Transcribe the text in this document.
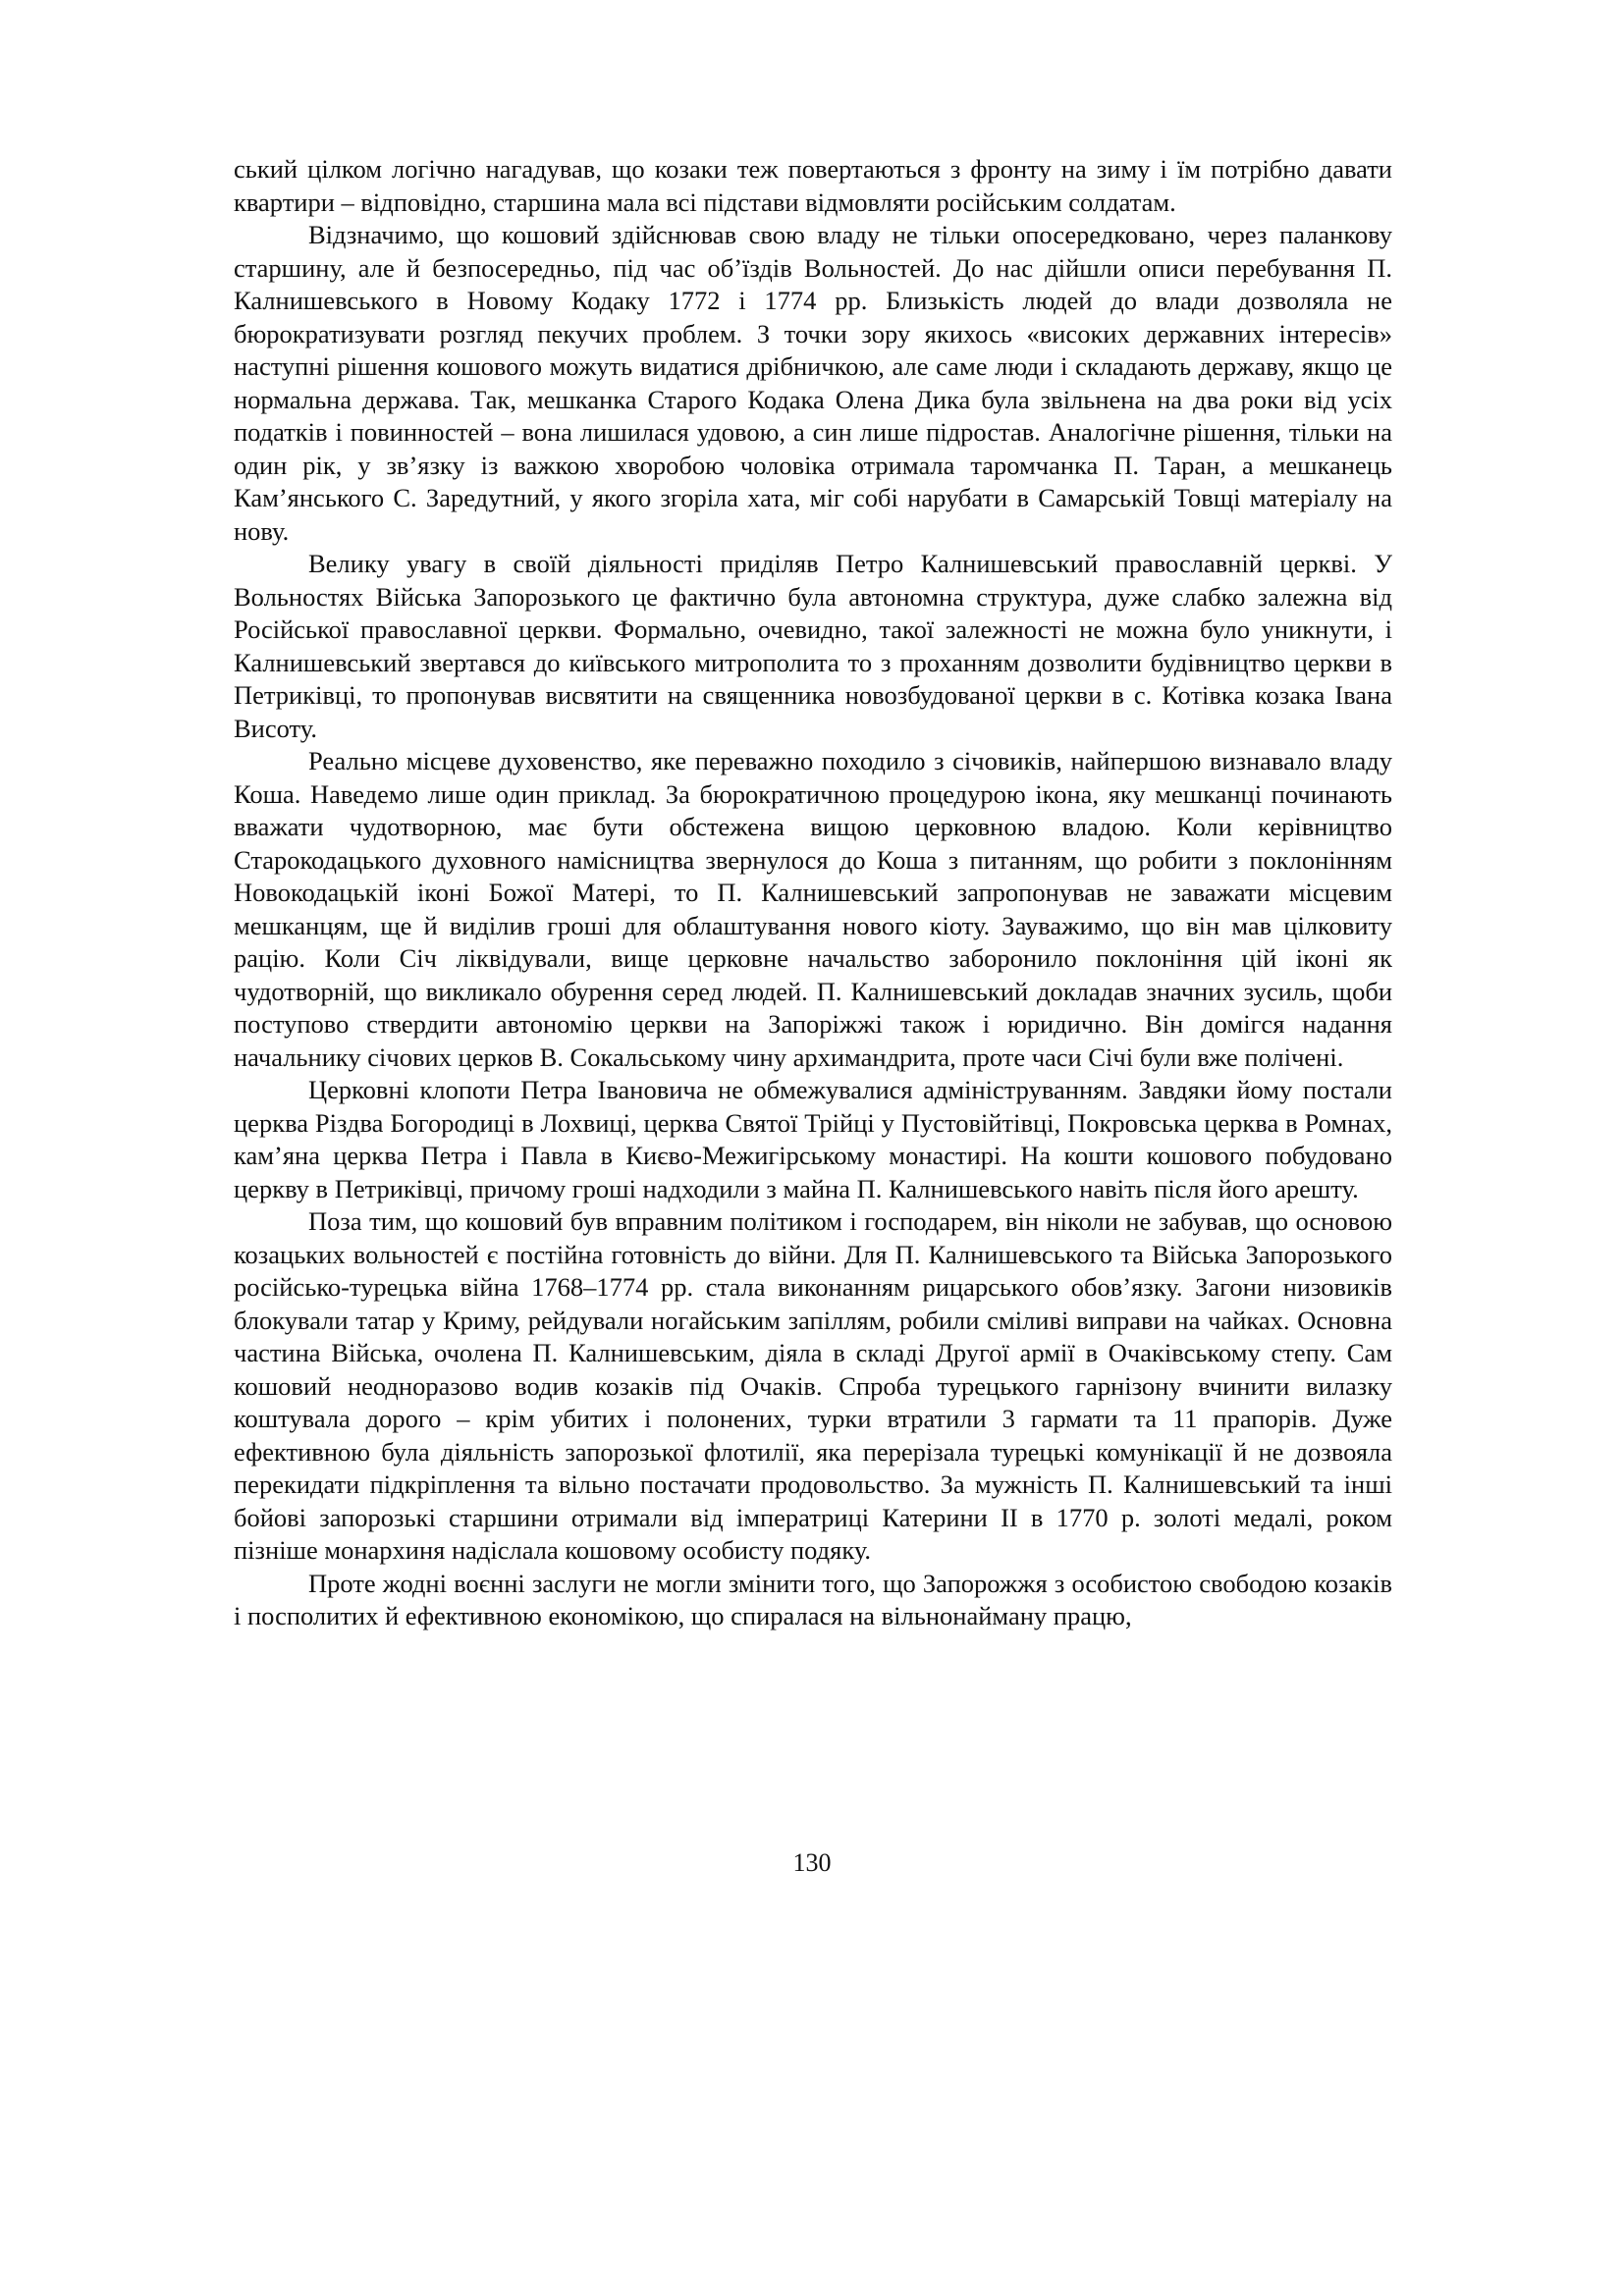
ський цілком логічно нагадував, що козаки теж повертаються з фронту на зиму і їм потрібно давати квартири – відповідно, старшина мала всі підстави відмовляти російським солдатам.

Відзначимо, що кошовий здійснював свою владу не тільки опосередковано, через паланкову старшину, але й безпосередньо, під час об’їздів Вольностей. До нас дійшли описи перебування П. Калнишевського в Новому Кодаку 1772 і 1774 рр. Близькість людей до влади дозволяла не бюрократизувати розгляд пекучих проблем. З точки зору якихось «високих державних інтересів» наступні рішення кошового можуть видатися дрібничкою, але саме люди і складають державу, якщо це нормальна держава. Так, мешканка Старого Кодака Олена Дика була звільнена на два роки від усіх податків і повинностей – вона лишилася удовою, а син лише підростав. Аналогічне рішення, тільки на один рік, у зв’язку із важкою хворобою чоловіка отримала таромчанка П. Таран, а мешканець Кам’янського С. Заредутний, у якого згоріла хата, міг собі нарубати в Самарській Товщі матеріалу на нову.

Велику увагу в своїй діяльності приділяв Петро Калнишевський православній церкві. У Вольностях Війська Запорозького це фактично була автономна структура, дуже слабко залежна від Російської православної церкви. Формально, очевидно, такої залежності не можна було уникнути, і Калнишевський звертався до київського митрополита то з проханням дозволити будівництво церкви в Петриківці, то пропонував висвятити на священника новозбудованої церкви в с. Котівка козака Івана Висоту.

Реально місцеве духовенство, яке переважно походило з січовиків, найпершою визнавало владу Коша. Наведемо лише один приклад. За бюрократичною процедурою ікона, яку мешканці починають вважати чудотворною, має бути обстежена вищою церковною владою. Коли керівництво Старокодацького духовного намісництва звернулося до Коша з питанням, що робити з поклонінням Новокодацькій іконі Божої Матері, то П. Калнишевський запропонував не заважати місцевим мешканцям, ще й виділив гроші для облаштування нового кіоту. Зауважимо, що він мав цілковиту рацію. Коли Січ ліквідували, вище церковне начальство заборонило поклоніння цій іконі як чудотворній, що викликало обурення серед людей. П. Калнишевський докладав значних зусиль, щоби поступово ствердити автономію церкви на Запоріжжі також і юридично. Він домігся надання начальнику січових церков В. Сокальському чину архимандрита, проте часи Січі були вже полічені.

Церковні клопоти Петра Івановича не обмежувалися адмініструванням. Завдяки йому постали церква Різдва Богородиці в Лохвиці, церква Святої Трійці у Пустовійтівці, Покровська церква в Ромнах, кам’яна церква Петра і Павла в Києво-Межигірському монастирі. На кошти кошового побудовано церкву в Петриківці, причому гроші надходили з майна П. Калнишевського навіть після його арешту.

Поза тим, що кошовий був вправним політиком і господарем, він ніколи не забував, що основою козацьких вольностей є постійна готовність до війни. Для П. Калнишевського та Війська Запорозького російсько-турецька війна 1768–1774 рр. стала виконанням рицарського обов’язку. Загони низовиків блокували татар у Криму, рейдували ногайським запіллям, робили сміливі виправи на чайках. Основна частина Війська, очолена П. Калнишевським, діяла в складі Другої армії в Очаківському степу. Сам кошовий неодноразово водив козаків під Очаків. Спроба турецького гарнізону вчинити вилазку коштувала дорого – крім убитих і полонених, турки втратили 3 гармати та 11 прапорів. Дуже ефективною була діяльність запорозької флотилії, яка перерізала турецькі комунікації й не дозвояла перекидати підкріплення та вільно постачати продовольство. За мужність П. Калнишевський та інші бойові запорозькі старшини отримали від імператриці Катерини II в 1770 р. золоті медалі, роком пізніше монархиня надіслала кошовому особисту подяку.

Проте жодні воєнні заслуги не могли змінити того, що Запорожжя з особистою свободою козаків і посполитих й ефективною економікою, що спиралася на вільнонайману працю,

130
